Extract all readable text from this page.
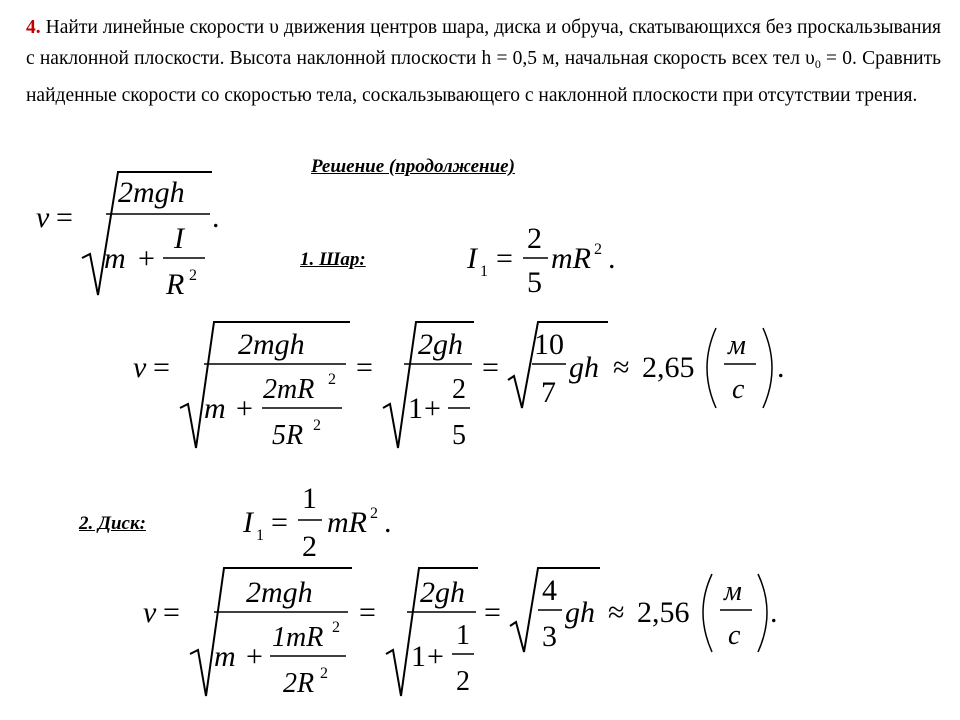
4. Найти линейные скорости υ движения центров шара, диска и обруча, скатывающихся без проскальзывания с наклонной плоскости. Высота наклонной плоскости h = 0,5 м, начальная скорость всех тел $\upsilon_0 = 0$. Сравнить найденные скорости со скоростью тела, соскальзывающего с наклонной плоскости при отсутствии трения.
Решение (продолжение)
1. Шар:
2. Диск:
v =
2mgh
m +
I
R 2
.
I 1 =
2
5
mR 2 .
v =
2mgh
m +
2mR 2
5R 2
=
2gh
1 +
2
5
=
10
7
gh ≈ 2,65
м
с
.
I 1 =
1
2
mR 2 .
v =
2mgh
m +
1mR 2
2R 2
=
2gh
1 +
1
2
=
4
3
gh ≈ 2,56
м
с
.
